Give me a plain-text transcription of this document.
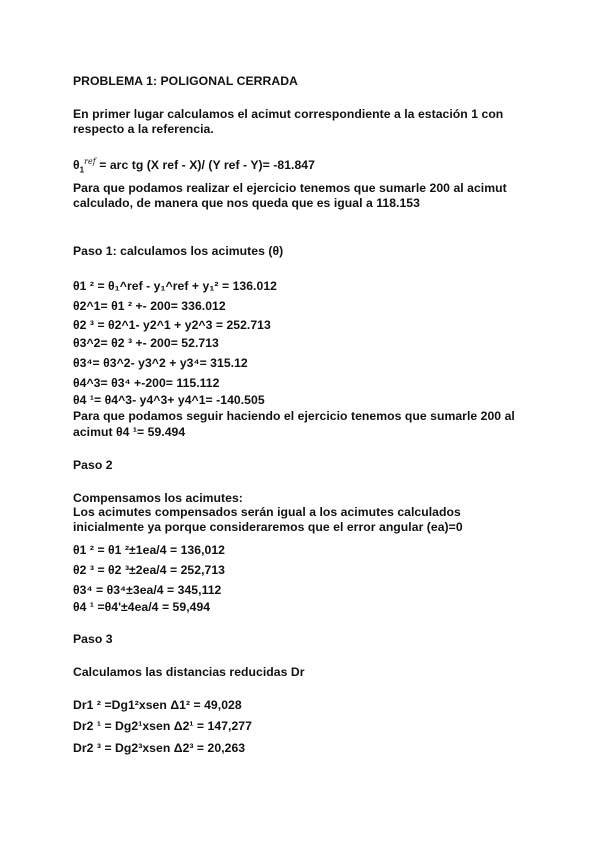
PROBLEMA 1: POLIGONAL CERRADA
En primer lugar calculamos el acimut correspondiente a la estación 1 con
respecto a la referencia.
$\theta_1^{ref}$ = arc tg (X ref - X)/ (Y ref - Y)= -81.847
Para que podamos realizar el ejercicio tenemos que sumarle 200 al acimut
calculado, de manera que nos queda que es igual a 118.153
Paso 1: calculamos los acimutes (θ)
θ1 ² = θ₁^ref - y₁^ref + y₁² = 136.012
θ2^1= θ1 ² +- 200= 336.012
θ2 ³ = θ2^1- y2^1 + y2^3 = 252.713
θ3^2= θ2 ³ +- 200= 52.713
θ3⁴= θ3^2- y3^2 + y3⁴= 315.12
θ4^3= θ3⁴ +-200= 115.112
θ4 ¹= θ4^3- y4^3+ y4^1= -140.505
Para que podamos seguir haciendo el ejercicio tenemos que sumarle 200 al
acimut θ4 ¹= 59.494
Paso 2
Compensamos los acimutes:
Los acimutes compensados serán igual a los acimutes calculados
inicialmente ya porque consideraremos que el error angular (ea)=0
θ1 ² = θ1 ²±1ea/4 = 136,012
θ2 ³ = θ2 ³±2ea/4 = 252,713
θ3⁴ = θ3⁴±3ea/4 = 345,112
θ4 ¹ =θ4'±4ea/4 = 59,494
Paso 3
Calculamos las distancias reducidas Dr
Dr1 ² =Dg1²xsen Δ1² = 49,028
Dr2 ¹ = Dg2¹xsen Δ2¹ = 147,277
Dr2 ³ = Dg2³xsen Δ2³ = 20,263
